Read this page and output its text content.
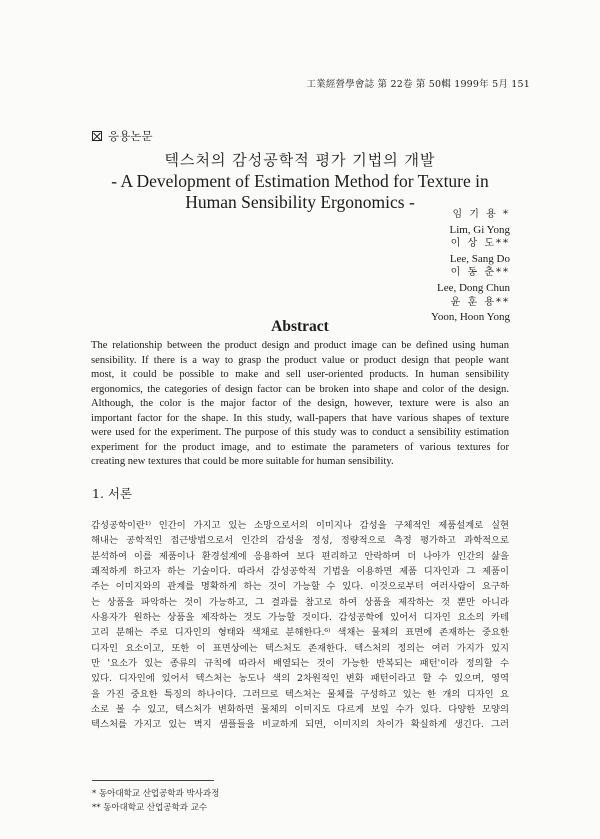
工業經營學會誌 第 22卷 第 50輯 1999年 5月 151
응용논문
텍스처의 감성공학적 평가 기법의 개발
- A Development of Estimation Method for Texture in
Human Sensibility Ergonomics -
임 기 용 *
Lim, Gi Yong
이 상 도**
Lee, Sang Do
이 동 춘**
Lee, Dong Chun
윤 훈 용**
Yoon, Hoon Yong
Abstract
The relationship between the product design and product image can be defined using human
sensibility. If there is a way to grasp the product value or product design that people want
most, it could be possible to make and sell user-oriented products. In human sensibility
ergonomics, the categories of design factor can be broken into shape and color of the design.
Although, the color is the major factor of the design, however, texture were is also an
important factor for the shape. In this study, wall-papers that have various shapes of texture
were used for the experiment. The purpose of this study was to conduct a sensibility estimation
experiment for the product image, and to estimate the parameters of various textures for
creating new textures that could be more suitable for human sensibility.
1. 서론
감성공학이란¹⁾ 인간이 가지고 있는 소망으로서의 이미지나 감성을 구체적인 제품설계로 실현
해내는 공학적인 접근방법으로서 인간의 감성을 정성, 정량적으로 측정 평가하고 과학적으로
분석하여 이를 제품이나 환경설계에 응용하여 보다 편리하고 안락하며 더 나아가 인간의 삶을
쾌적하게 하고자 하는 기술이다. 따라서 감성공학적 기법을 이용하면 제품 디자인과 그 제품이
주는 이미지와의 관계를 명확하게 하는 것이 가능할 수 있다. 이것으로부터 여러사람이 요구하
는 상품을 파악하는 것이 가능하고, 그 결과를 참고로 하여 상품을 제작하는 것 뿐만 아니라
사용자가 원하는 상품을 제작하는 것도 가능할 것이다. 감성공학에 있어서 디자인 요소의 카테
고리 분해는 주로 디자인의 형태와 색채로 분해한다.⁶⁾ 색채는 물체의 표면에 존재하는 중요한
디자인 요소이고, 또한 이 표면상에는 텍스처도 존재한다. 텍스처의 정의는 여러 가지가 있지
만 '요소가 있는 종류의 규칙에 따라서 배열되는 것이 가능한 반복되는 패턴'이라 정의할 수
있다. 디자인에 있어서 텍스처는 농도나 색의 2차원적인 변화 패턴이라고 할 수 있으며, 영역
을 가진 중요한 특징의 하나이다. 그러므로 텍스처는 물체를 구성하고 있는 한 개의 디자인 요
소로 볼 수 있고, 텍스처가 변화하면 물체의 이미지도 다르게 보일 수가 있다. 다양한 모양의
텍스처를 가지고 있는 벽지 샘플들을 비교하게 되면, 이미지의 차이가 확실하게 생긴다. 그러
* 동아대학교 산업공학과 박사과정
** 동아대학교 산업공학과 교수
